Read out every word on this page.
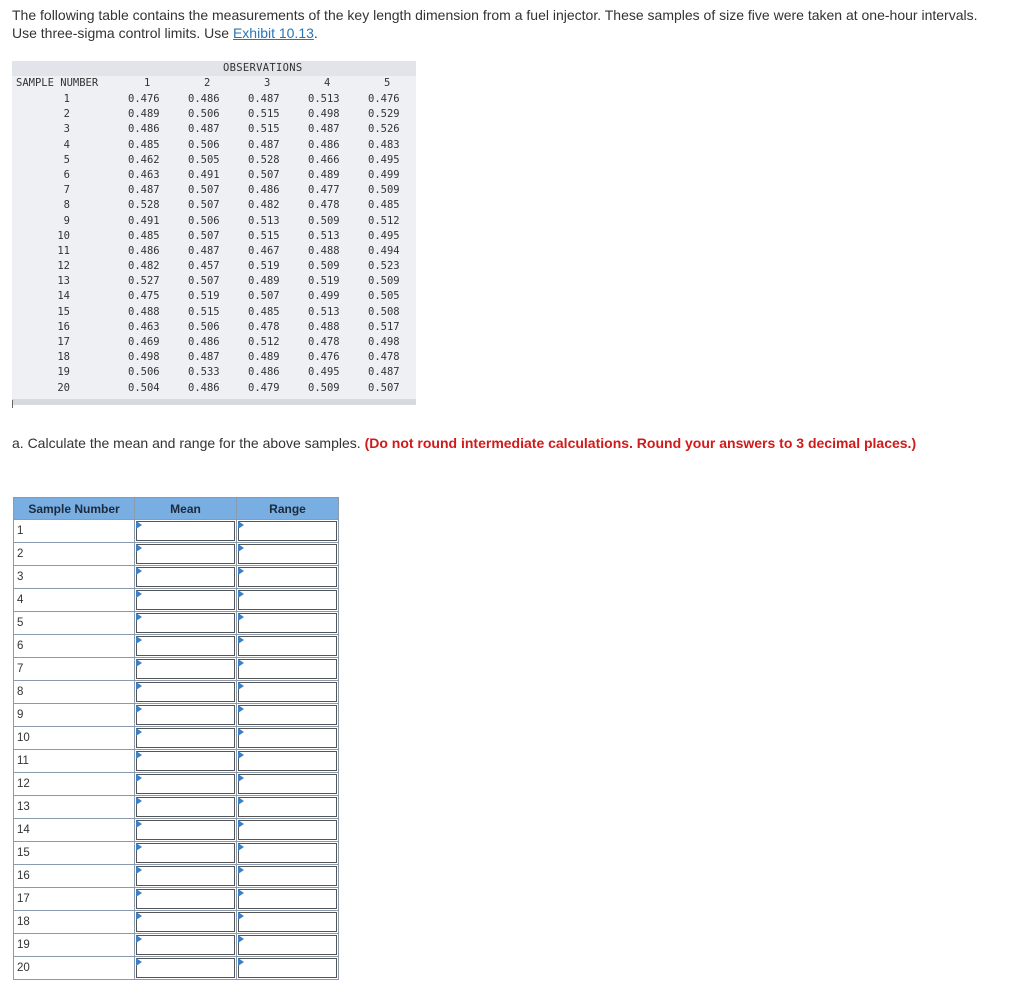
The following table contains the measurements of the key length dimension from a fuel injector. These samples of size five were taken at one-hour intervals. Use three-sigma control limits. Use Exhibit 10.13.
OBSERVATIONS
SAMPLE NUMBER	1	2	3	4	5
1	0.476	0.486	0.487	0.513	0.476
2	0.489	0.506	0.515	0.498	0.529
3	0.486	0.487	0.515	0.487	0.526
4	0.485	0.506	0.487	0.486	0.483
5	0.462	0.505	0.528	0.466	0.495
6	0.463	0.491	0.507	0.489	0.499
7	0.487	0.507	0.486	0.477	0.509
8	0.528	0.507	0.482	0.478	0.485
9	0.491	0.506	0.513	0.509	0.512
10	0.485	0.507	0.515	0.513	0.495
11	0.486	0.487	0.467	0.488	0.494
12	0.482	0.457	0.519	0.509	0.523
13	0.527	0.507	0.489	0.519	0.509
14	0.475	0.519	0.507	0.499	0.505
15	0.488	0.515	0.485	0.513	0.508
16	0.463	0.506	0.478	0.488	0.517
17	0.469	0.486	0.512	0.478	0.498
18	0.498	0.487	0.489	0.476	0.478
19	0.506	0.533	0.486	0.495	0.487
20	0.504	0.486	0.479	0.509	0.507
a. Calculate the mean and range for the above samples. (Do not round intermediate calculations. Round your answers to 3 decimal places.)
Sample Number	Mean	Range
1	

2	

3	

4	

5	

6	

7	

8	

9	

10	

11	

12	

13	

14	

15	

16	

17	

18	

19	

20	
